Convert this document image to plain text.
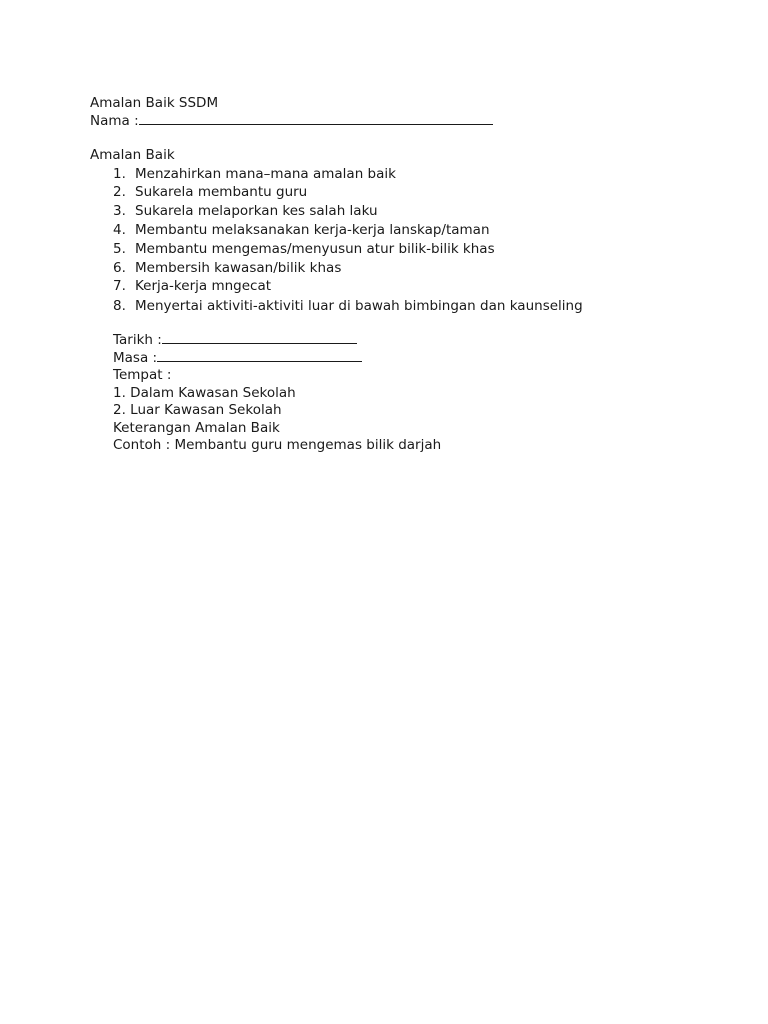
Amalan Baik SSDM
Nama :
Amalan Baik
1. Menzahirkan mana–mana amalan baik
2. Sukarela membantu guru
3. Sukarela melaporkan kes salah laku
4. Membantu melaksanakan kerja-kerja lanskap/taman
5. Membantu mengemas/menyusun atur bilik-bilik khas
6. Membersih kawasan/bilik khas
7. Kerja-kerja mngecat
8. Menyertai aktiviti-aktiviti luar di bawah bimbingan dan kaunseling
Tarikh :
Masa :
Tempat :
1. Dalam Kawasan Sekolah
2. Luar Kawasan Sekolah
Keterangan Amalan Baik
Contoh : Membantu guru mengemas bilik darjah
